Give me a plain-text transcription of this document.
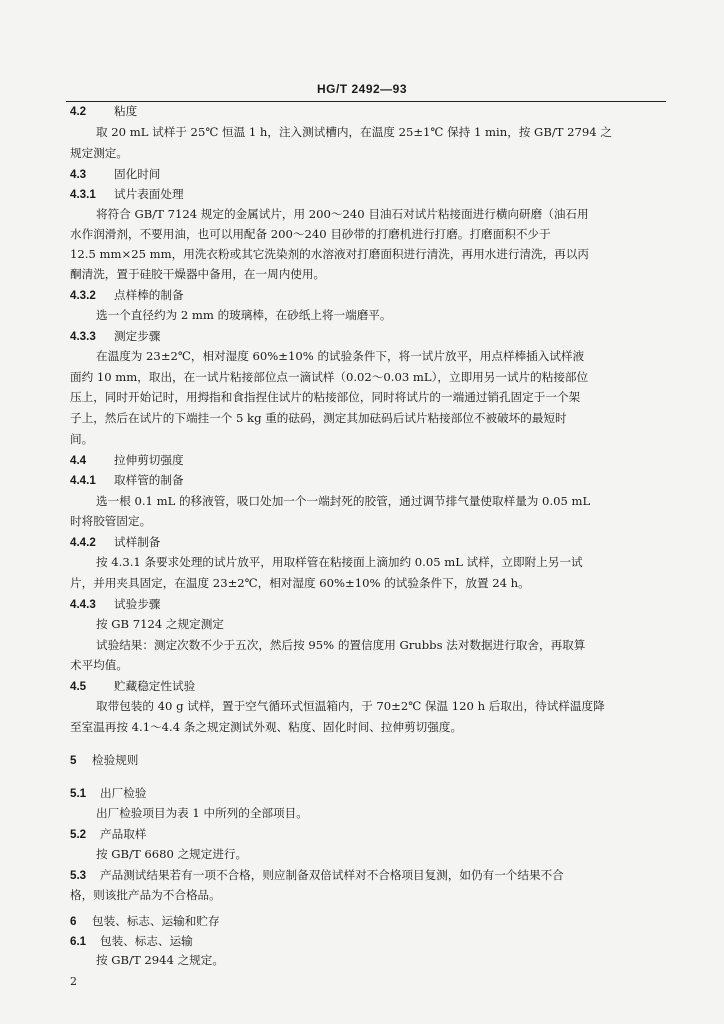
HG/T 2492—93
4.2 粘度
取 20 mL 试样于 25℃ 恒温 1 h，注入测试槽内，在温度 25±1℃ 保持 1 min，按 GB/T 2794 之
规定测定。
4.3 固化时间
4.3.1 试片表面处理
将符合 GB/T 7124 规定的金属试片，用 200～240 目油石对试片粘接面进行横向研磨（油石用
水作润滑剂，不要用油，也可以用配备 200～240 目砂带的打磨机进行打磨。打磨面积不少于
12.5 mm×25 mm，用洗衣粉或其它洗染剂的水溶液对打磨面积进行清洗，再用水进行清洗，再以丙
酮清洗，置于硅胶干燥器中备用，在一周内使用。
4.3.2 点样棒的制备
选一个直径约为 2 mm 的玻璃棒，在砂纸上将一端磨平。
4.3.3 测定步骤
在温度为 23±2℃，相对湿度 60%±10% 的试验条件下，将一试片放平，用点样棒插入试样液
面约 10 mm，取出，在一试片粘接部位点一滴试样（0.02～0.03 mL），立即用另一试片的粘接部位
压上，同时开始记时，用拇指和食指捏住试片的粘接部位，同时将试片的一端通过销孔固定于一个架
子上，然后在试片的下端挂一个 5 kg 重的砝码，测定其加砝码后试片粘接部位不被破坏的最短时
间。
4.4 拉伸剪切强度
4.4.1 取样管的制备
选一根 0.1 mL 的移液管，吸口处加一个一端封死的胶管，通过调节排气量使取样量为 0.05 mL
时将胶管固定。
4.4.2 试样制备
按 4.3.1 条要求处理的试片放平，用取样管在粘接面上滴加约 0.05 mL 试样，立即附上另一试
片，并用夹具固定，在温度 23±2℃，相对湿度 60%±10% 的试验条件下，放置 24 h。
4.4.3 试验步骤
按 GB 7124 之规定测定
试验结果：测定次数不少于五次，然后按 95% 的置信度用 Grubbs 法对数据进行取舍，再取算
术平均值。
4.5 贮藏稳定性试验
取带包装的 40 g 试样，置于空气循环式恒温箱内，于 70±2℃ 保温 120 h 后取出，待试样温度降
至室温再按 4.1～4.4 条之规定测试外观、粘度、固化时间、拉伸剪切强度。
5 检验规则
5.1 出厂检验
出厂检验项目为表 1 中所列的全部项目。
5.2 产品取样
按 GB/T 6680 之规定进行。
5.3 产品测试结果若有一项不合格，则应制备双倍试样对不合格项目复测，如仍有一个结果不合
格，则该批产品为不合格品。
6 包装、标志、运输和贮存
6.1 包装、标志、运输
按 GB/T 2944 之规定。
2
